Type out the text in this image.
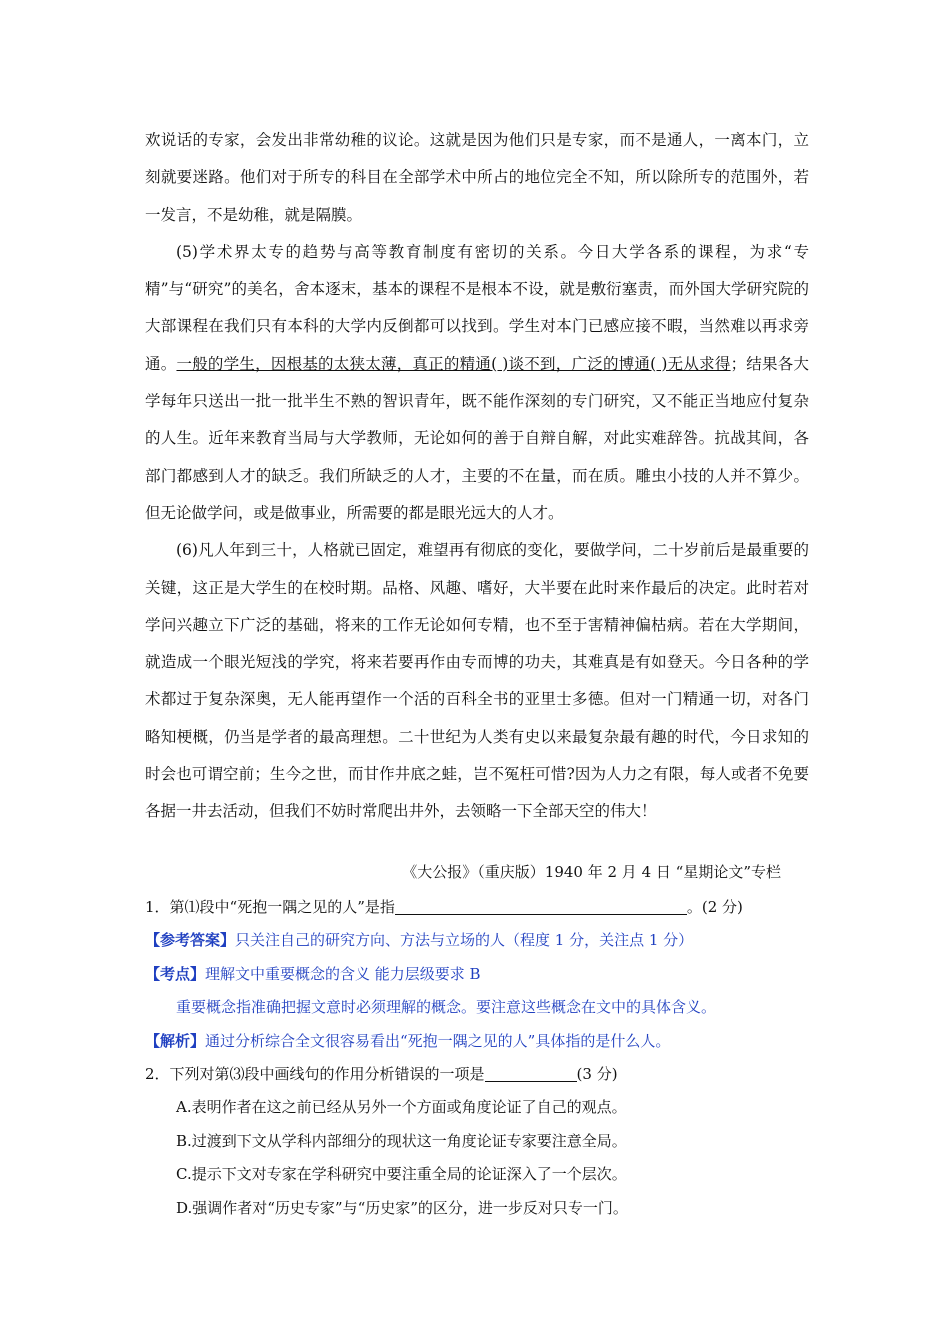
欢说话的专家，会发出非常幼稚的议论。这就是因为他们只是专家，而不是通人，一离本门，立刻就要迷路。他们对于所专的科目在全部学术中所占的地位完全不知，所以除所专的范围外，若一发言，不是幼稚，就是隔膜。

(5)学术界太专的趋势与高等教育制度有密切的关系。今日大学各系的课程，为求“专精”与“研究”的美名，舍本逐末，基本的课程不是根本不设，就是敷衍塞责，而外国大学研究院的大部课程在我们只有本科的大学内反倒都可以找到。学生对本门已感应接不暇，当然难以再求旁通。一般的学生，因根基的太狭太薄，真正的精通( )谈不到，广泛的博通( )无从求得；结果各大学每年只送出一批一批半生不熟的智识青年，既不能作深刻的专门研究，又不能正当地应付复杂的人生。近年来教育当局与大学教师，无论如何的善于自辩自解，对此实难辞咎。抗战其间，各部门都感到人才的缺乏。我们所缺乏的人才，主要的不在量，而在质。雕虫小技的人并不算少。但无论做学问，或是做事业，所需要的都是眼光远大的人才。

(6)凡人年到三十，人格就已固定，难望再有彻底的变化，要做学问，二十岁前后是最重要的关键，这正是大学生的在校时期。品格、风趣、嗜好，大半要在此时来作最后的决定。此时若对学问兴趣立下广泛的基础，将来的工作无论如何专精，也不至于害精神偏枯病。若在大学期间，就造成一个眼光短浅的学究，将来若要再作由专而博的功夫，其难真是有如登天。今日各种的学术都过于复杂深奥，无人能再望作一个活的百科全书的亚里士多德。但对一门精通一切，对各门略知梗概，仍当是学者的最高理想。二十世纪为人类有史以来最复杂最有趣的时代，今日求知的时会也可谓空前；生今之世，而甘作井底之蛙，岂不冤枉可惜?因为人力之有限，每人或者不免要各据一井去活动，但我们不妨时常爬出井外，去领略一下全部天空的伟大！

《大公报》（重庆版）1940 年 2 月 4 日 “星期论文”专栏
1．第⑴段中“死抱一隅之见的人”是指	。(2 分)
【参考答案】只关注自己的研究方向、方法与立场的人（程度 1 分，关注点 1 分）
【考点】理解文中重要概念的含义 能力层级要求 B
重要概念指准确把握文意时必须理解的概念。要注意这些概念在文中的具体含义。
【解析】通过分析综合全文很容易看出“死抱一隅之见的人”具体指的是什么人。
2．下列对第⑶段中画线句的作用分析错误的一项是	(3 分)
A.表明作者在这之前已经从另外一个方面或角度论证了自己的观点。
B.过渡到下文从学科内部细分的现状这一角度论证专家要注意全局。
C.提示下文对专家在学科研究中要注重全局的论证深入了一个层次。
D.强调作者对“历史专家”与“历史家”的区分，进一步反对只专一门。
